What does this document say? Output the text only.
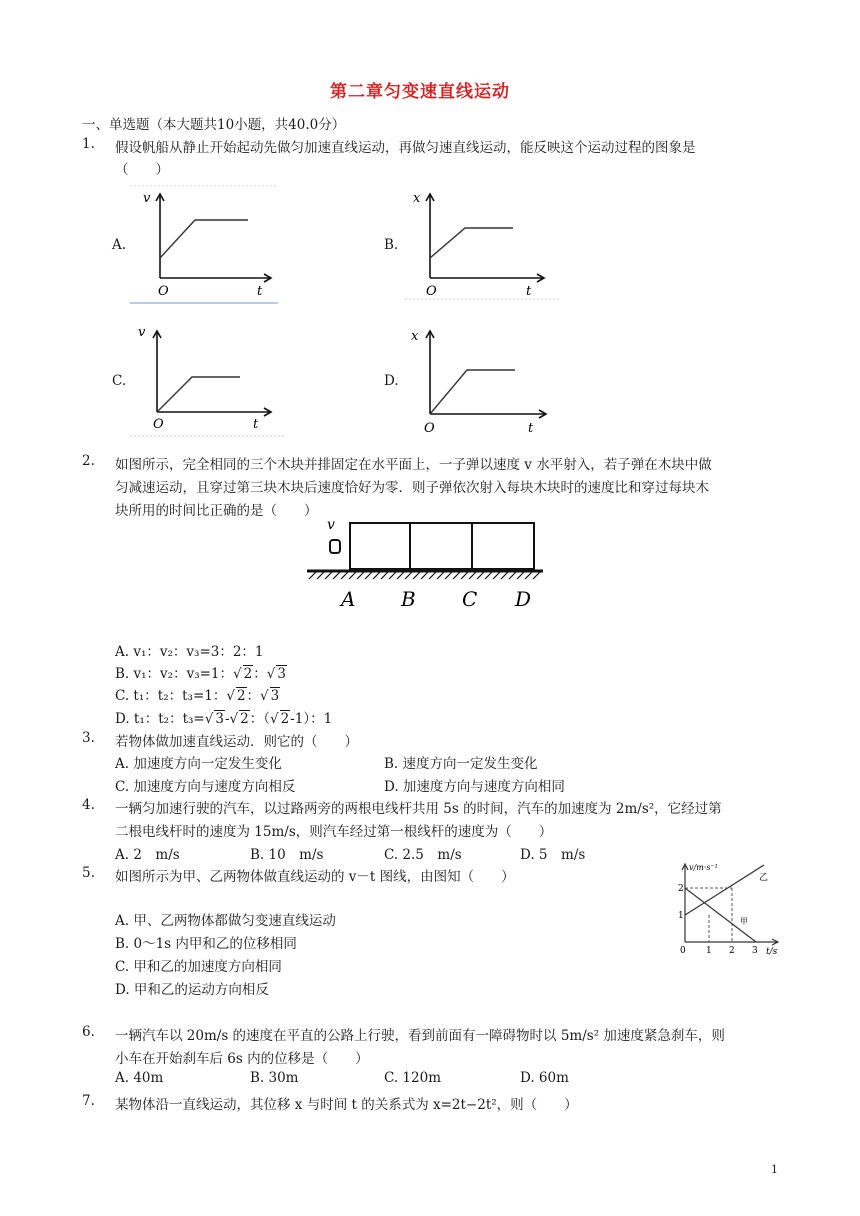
第二章匀变速直线运动
一、单选题（本大题共10小题，共40.0分）
1. 假设帆船从静止开始起动先做匀加速直线运动，再做匀速直线运动，能反映这个运动过程的图象是
（　　）
A.
v
O	t
B.
x
O	t
C.
v
O	t
D.
x
O	t
2. 如图所示，完全相同的三个木块并排固定在水平面上，一子弹以速度 v 水平射入，若子弹在木块中做
匀减速运动，且穿过第三块木块后速度恰好为零．则子弹依次射入每块木块时的速度比和穿过每块木
块所用的时间比正确的是（　　）
v
A B C D
A. v₁：v₂：v₃=3：2：1
B. v₁：v₂：v₃=1：√ 2：√ 3
C. t₁：t₂：t₃=1：√ 2：√ 3
D. t₁：t₂：t₃=√ 3-√ 2：（√ 2-1）：1
3. 若物体做加速直线运动．则它的（　　）
A. 加速度方向一定发生变化	B. 速度方向一定发生变化
C. 加速度方向与速度方向相反	D. 加速度方向与速度方向相同
4. 一辆匀加速行驶的汽车，以过路两旁的两根电线杆共用 5s 的时间，汽车的加速度为 2m/s²，它经过第
二根电线杆时的速度为 15m/s，则汽车经过第一根线杆的速度为（　　）
A. 2　m/s	B. 10　m/s	C. 2.5　m/s	D. 5　m/s
5. 如图所示为甲、乙两物体做直线运动的 v－t 图线，由图知（　　）
A. 甲、乙两物体都做匀变速直线运动
B. 0～1s 内甲和乙的位移相同
C. 甲和乙的加速度方向相同
D. 甲和乙的运动方向相反
v/m·s⁻¹
t/s
1
2
0 1 2 3
乙
甲
6. 一辆汽车以 20m/s 的速度在平直的公路上行驶，看到前面有一障碍物时以 5m/s² 加速度紧急刹车，则
小车在开始刹车后 6s 内的位移是（　　）
A. 40m	B. 30m	C. 120m	D. 60m
7. 某物体沿一直线运动，其位移 x 与时间 t 的关系式为 x=2t−2t²，则（　　）
1
